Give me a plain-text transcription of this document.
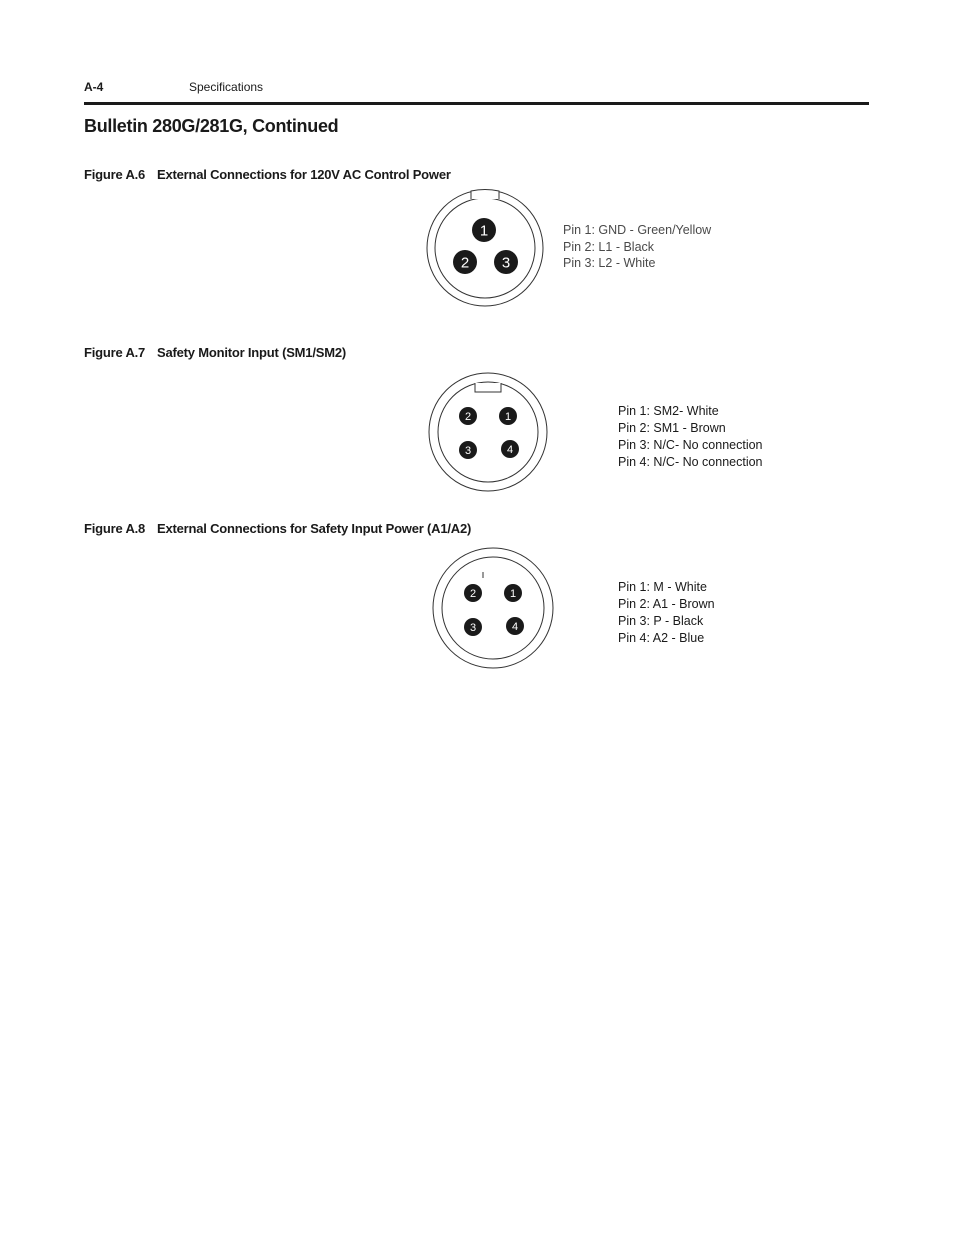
A-4	Specifications
Bulletin 280G/281G, Continued
Figure A.6 External Connections for 120V AC Control Power
1
2 3
Pin 1: GND - Green/Yellow
Pin 2: L1 - Black
Pin 3: L2 - White
Figure A.7 Safety Monitor Input (SM1/SM2)
2	1
3	4
Pin 1: SM2- White
Pin 2: SM1 - Brown
Pin 3: N/C- No connection
Pin 4: N/C- No connection
Figure A.8 External Connections for Safety Input Power (A1/A2)
2	1
3	4
Pin 1: M - White
Pin 2: A1 - Brown
Pin 3: P - Black
Pin 4: A2 - Blue
